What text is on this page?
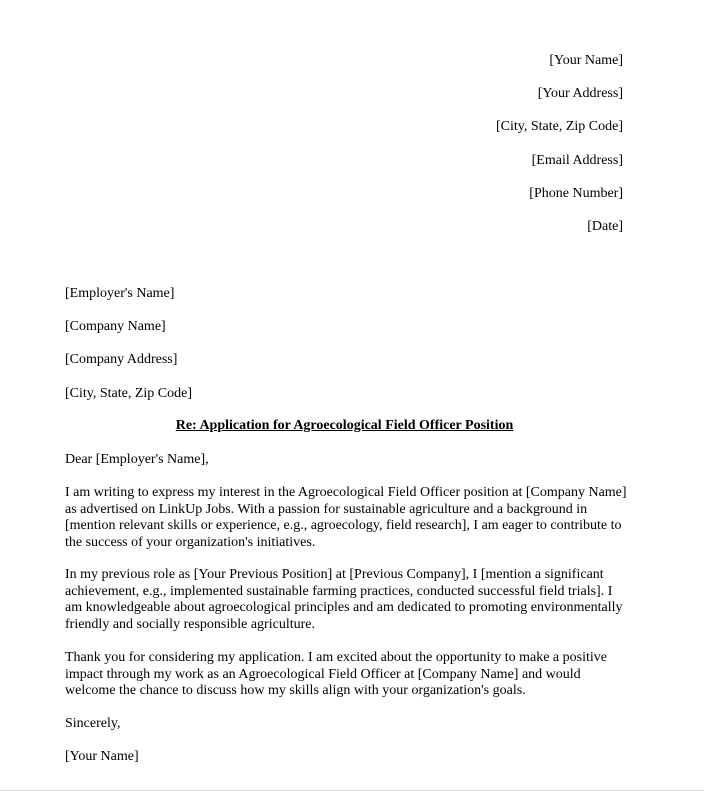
[Your Name]
[Your Address]
[City, State, Zip Code]
[Email Address]
[Phone Number]
[Date]
[Employer's Name]
[Company Name]
[Company Address]
[City, State, Zip Code]
Re: Application for Agroecological Field Officer Position

Dear [Employer's Name],

I am writing to express my interest in the Agroecological Field Officer position at [Company Name] as advertised on LinkUp Jobs. With a passion for sustainable agriculture and a background in [mention relevant skills or experience, e.g., agroecology, field research], I am eager to contribute to the success of your organization's initiatives.

In my previous role as [Your Previous Position] at [Previous Company], I [mention a significant achievement, e.g., implemented sustainable farming practices, conducted successful field trials]. I am knowledgeable about agroecological principles and am dedicated to promoting environmentally friendly and socially responsible agriculture.

Thank you for considering my application. I am excited about the opportunity to make a positive impact through my work as an Agroecological Field Officer at [Company Name] and would welcome the chance to discuss how my skills align with your organization's goals.

Sincerely,

[Your Name]
